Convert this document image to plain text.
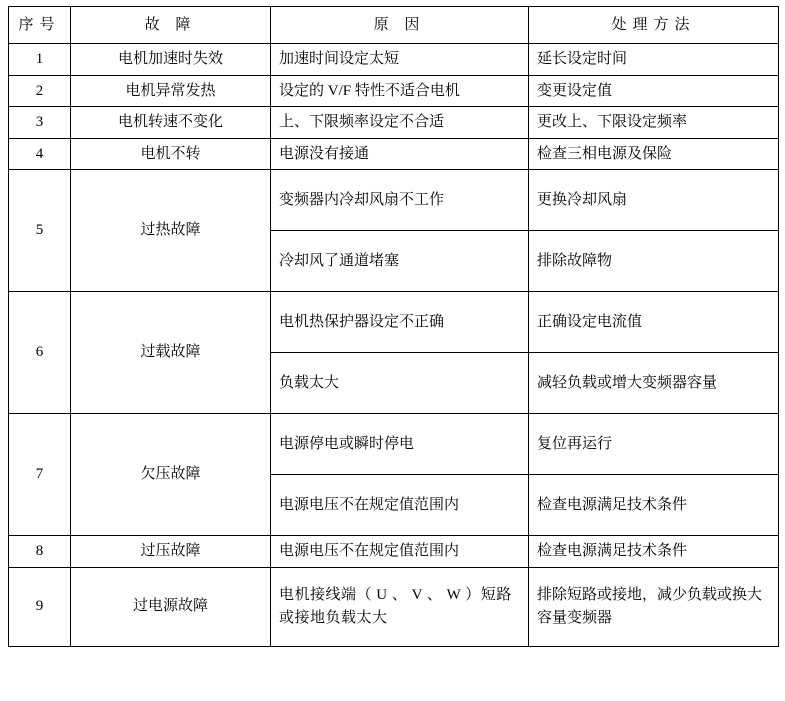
序号	故 障	原 因	处理方法
1	电机加速时失效	加速时间设定太短	延长设定时间
2	电机异常发热	设定的 V/F 特性不适合电机	变更设定值
3	电机转速不变化	上、下限频率设定不合适	更改上、下限设定频率
4	电机不转	电源没有接通	检查三相电源及保险
5	过热故障	变频器内冷却风扇不工作	更换冷却风扇
		冷却风了通道堵塞	排除故障物
6	过载故障	电机热保护器设定不正确	正确设定电流值
		负载太大	减轻负载或增大变频器容量
7	欠压故障	电源停电或瞬时停电	复位再运行
		电源电压不在规定值范围内	检查电源满足技术条件
8	过压故障	电源电压不在规定值范围内	检查电源满足技术条件
9	过电源故障	电机接线端（ U 、 V 、 W ）短路或接地负载太大	排除短路或接地，减少负载或换大容量变频器
